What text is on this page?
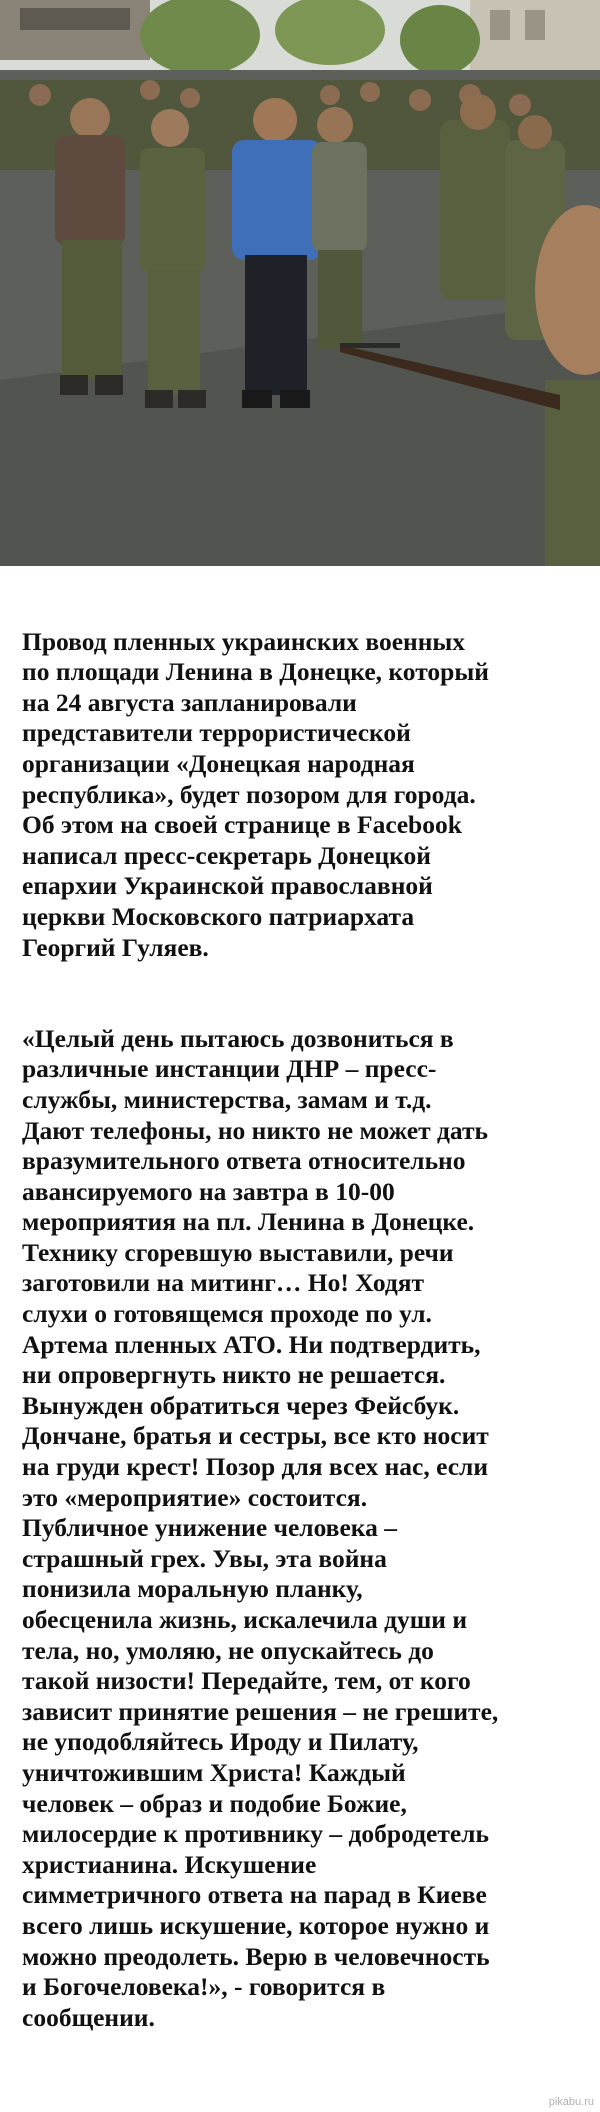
Провод пленных украинских военных
по площади Ленина в Донецке, который
на 24 августа запланировали
представители террористической
организации «Донецкая народная
республика», будет позором для города.
Об этом на своей странице в Facebook
написал пресс-секретарь Донецкой
епархии Украинской православной
церкви Московского патриархата
Георгий Гуляев.

«Целый день пытаюсь дозвониться в
различные инстанции ДНР – пресс-
службы, министерства, замам и т.д.
Дают телефоны, но никто не может дать
вразумительного ответа относительно
авансируемого на завтра в 10-00
мероприятия на пл. Ленина в Донецке.
Технику сгоревшую выставили, речи
заготовили на митинг… Но! Ходят
слухи о готовящемся проходе по ул.
Артема пленных АТО. Ни подтвердить,
ни опровергнуть никто не решается.
Вынужден обратиться через Фейсбук.
Дончане, братья и сестры, все кто носит
на груди крест! Позор для всех нас, если
это «мероприятие» состоится.
Публичное унижение человека –
страшный грех. Увы, эта война
понизила моральную планку,
обесценила жизнь, искалечила души и
тела, но, умоляю, не опускайтесь до
такой низости! Передайте, тем, от кого
зависит принятие решения – не грешите,
не уподобляйтесь Ироду и Пилату,
уничтожившим Христа! Каждый
человек – образ и подобие Божие,
милосердие к противнику – добродетель
христианина. Искушение
симметричного ответа на парад в Киеве
всего лишь искушение, которое нужно и
можно преодолеть. Верю в человечность
и Богочеловека!», - говорится в
сообщении.

pikabu.ru
